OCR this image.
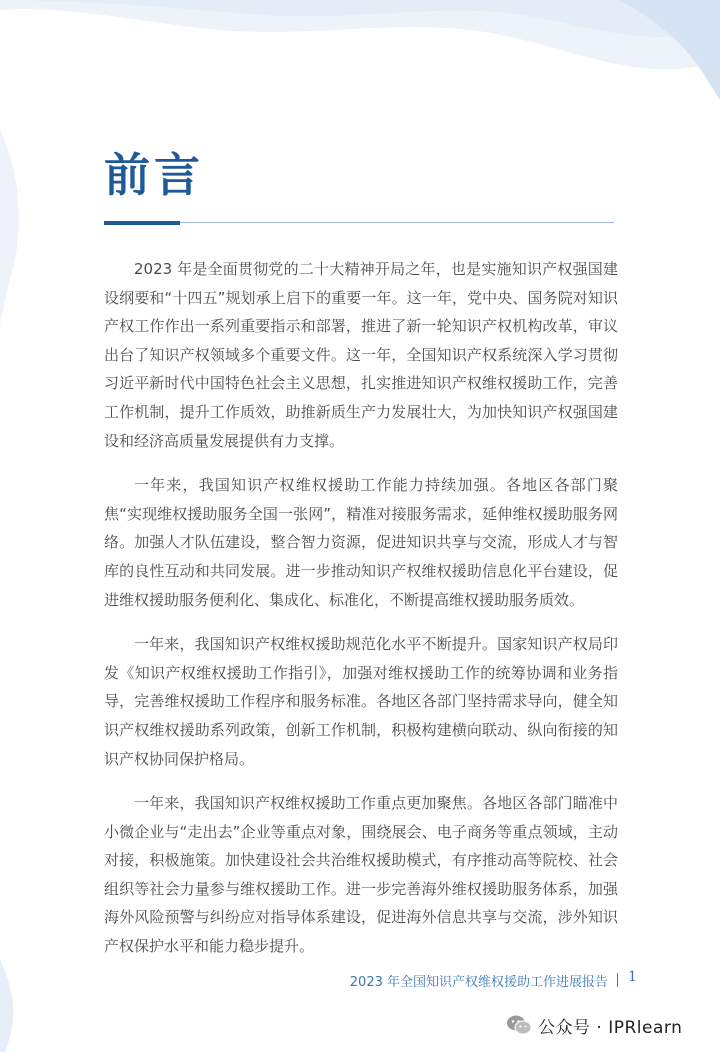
前言

2023 年是全面贯彻党的二十大精神开局之年，也是实施知识产权强国建设纲要和“十四五”规划承上启下的重要一年。这一年，党中央、国务院对知识产权工作作出一系列重要指示和部署，推进了新一轮知识产权机构改革，审议出台了知识产权领域多个重要文件。这一年，全国知识产权系统深入学习贯彻习近平新时代中国特色社会主义思想，扎实推进知识产权维权援助工作，完善工作机制，提升工作质效，助推新质生产力发展壮大，为加快知识产权强国建设和经济高质量发展提供有力支撑。

一年来，我国知识产权维权援助工作能力持续加强。各地区各部门聚焦“实现维权援助服务全国一张网”，精准对接服务需求，延伸维权援助服务网络。加强人才队伍建设，整合智力资源，促进知识共享与交流，形成人才与智库的良性互动和共同发展。进一步推动知识产权维权援助信息化平台建设，促进维权援助服务便利化、集成化、标准化，不断提高维权援助服务质效。

一年来，我国知识产权维权援助规范化水平不断提升。国家知识产权局印发《知识产权维权援助工作指引》，加强对维权援助工作的统筹协调和业务指导，完善维权援助工作程序和服务标准。各地区各部门坚持需求导向，健全知识产权维权援助系列政策，创新工作机制，积极构建横向联动、纵向衔接的知识产权协同保护格局。

一年来，我国知识产权维权援助工作重点更加聚焦。各地区各部门瞄准中小微企业与“走出去”企业等重点对象，围绕展会、电子商务等重点领域，主动对接，积极施策。加快建设社会共治维权援助模式，有序推动高等院校、社会组织等社会力量参与维权援助工作。进一步完善海外维权援助服务体系，加强海外风险预警与纠纷应对指导体系建设，促进海外信息共享与交流，涉外知识产权保护水平和能力稳步提升。

2023 年全国知识产权维权援助工作进展报告 1
公众号 · IPRlearn
